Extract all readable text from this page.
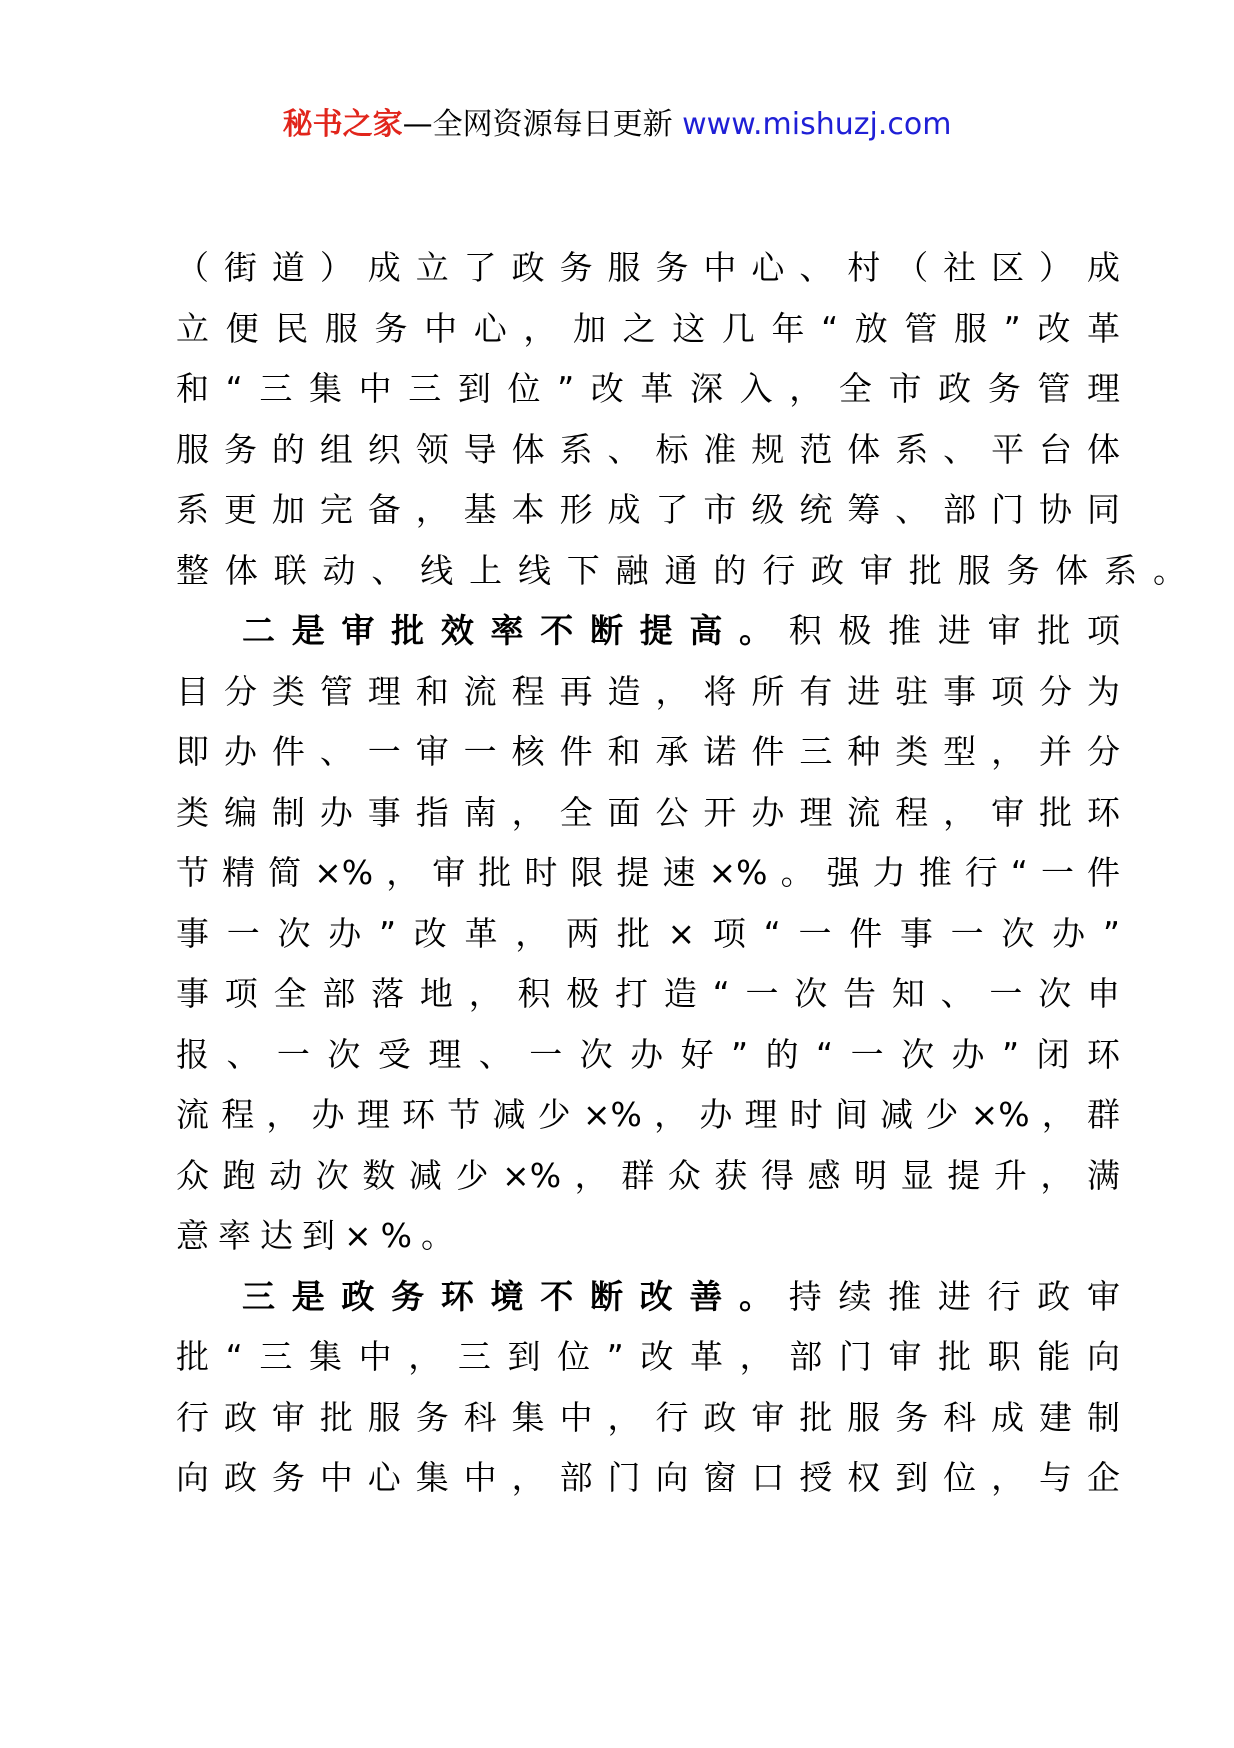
秘书之家—全网资源每日更新 www.mishuzj.com
（街道）成立了政务服务中心、村（社区）成
立便民服务中心，加之这几年“放管服”改革
和“三集中三到位”改革深入，全市政务管理
服务的组织领导体系、标准规范体系、平台体
系更加完备，基本形成了市级统筹、部门协同
整体联动、线上线下融通的行政审批服务体系。
二是审批效率不断提高。积极推进审批项
目分类管理和流程再造，将所有进驻事项分为
即办件、一审一核件和承诺件三种类型，并分
类编制办事指南，全面公开办理流程，审批环
节精简×%，审批时限提速×%。强力推行“一件
事一次办”改革，两批×项“一件事一次办”
事项全部落地，积极打造“一次告知、一次申
报、一次受理、一次办好”的“一次办”闭环
流程，办理环节减少×%，办理时间减少×%，群
众跑动次数减少×%，群众获得感明显提升，满
意率达到×%。
三是政务环境不断改善。持续推进行政审
批“三集中，三到位”改革，部门审批职能向
行政审批服务科集中，行政审批服务科成建制
向政务中心集中，部门向窗口授权到位，与企
